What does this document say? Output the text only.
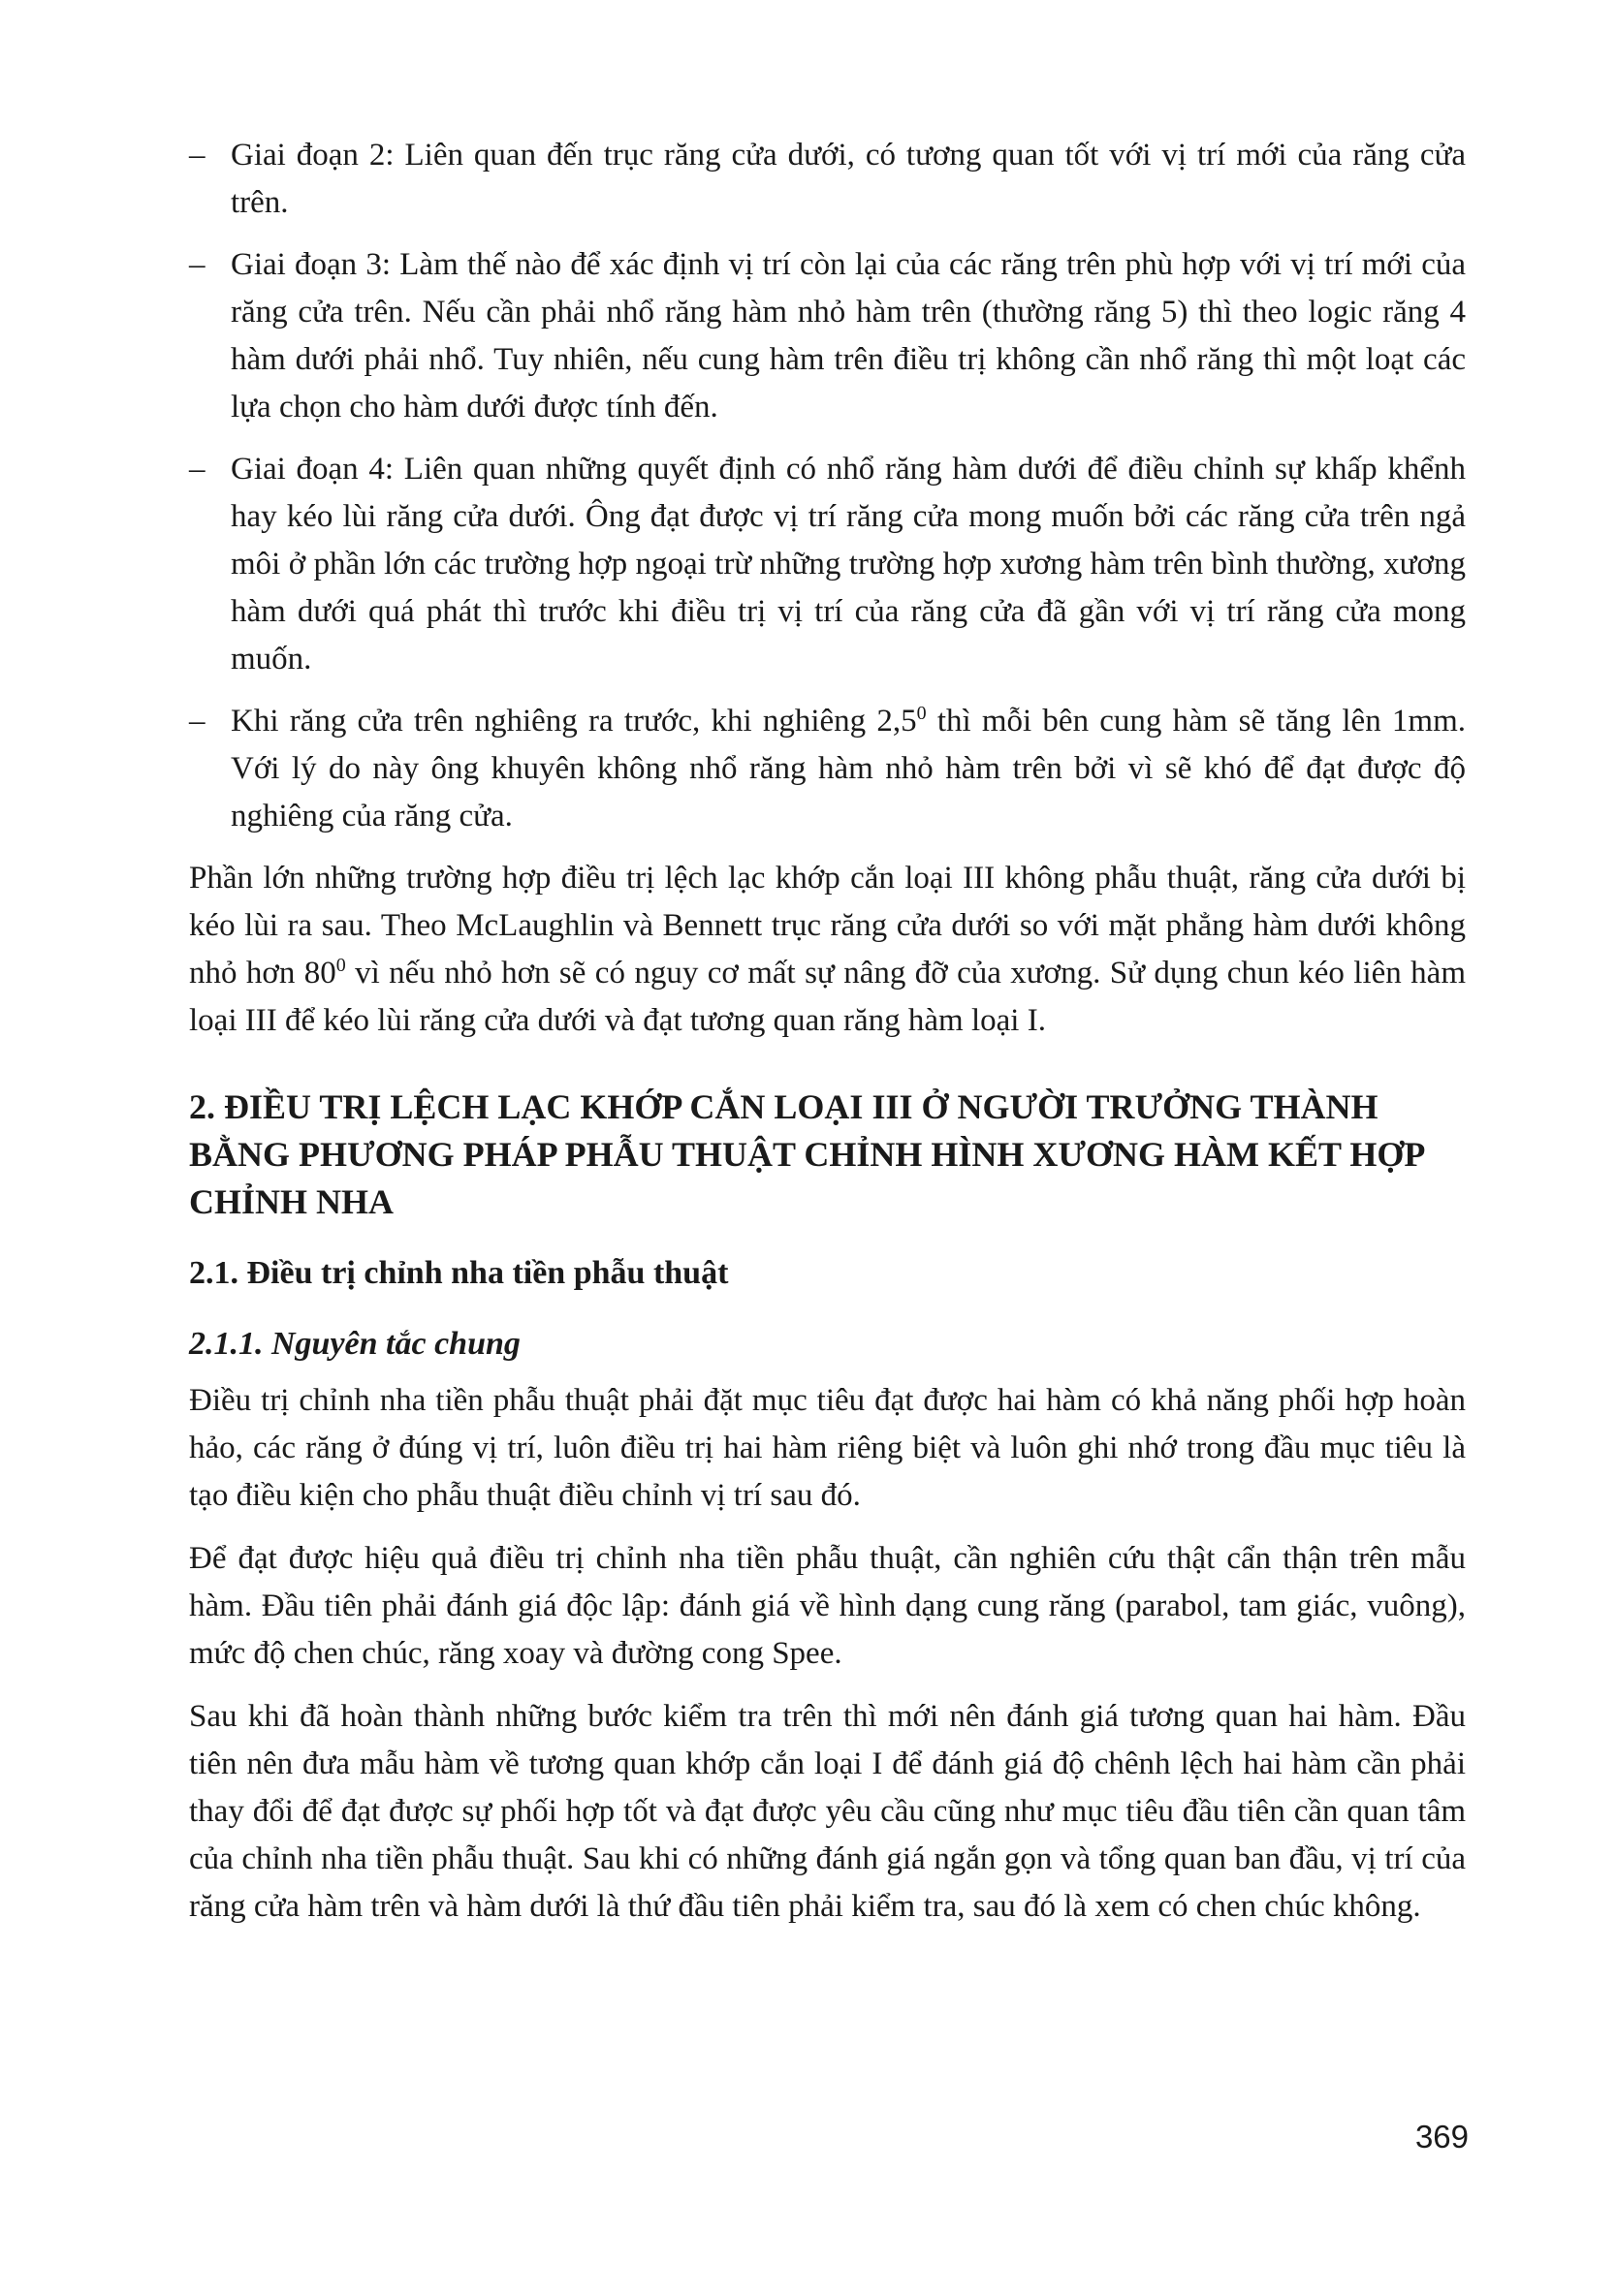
– Giai đoạn 2: Liên quan đến trục răng cửa dưới, có tương quan tốt với vị trí mới của răng cửa trên.
– Giai đoạn 3: Làm thế nào để xác định vị trí còn lại của các răng trên phù hợp với vị trí mới của răng cửa trên. Nếu cần phải nhổ răng hàm nhỏ hàm trên (thường răng 5) thì theo logic răng 4 hàm dưới phải nhổ. Tuy nhiên, nếu cung hàm trên điều trị không cần nhổ răng thì một loạt các lựa chọn cho hàm dưới được tính đến.
– Giai đoạn 4: Liên quan những quyết định có nhổ răng hàm dưới để điều chỉnh sự khấp khểnh hay kéo lùi răng cửa dưới. Ông đạt được vị trí răng cửa mong muốn bởi các răng cửa trên ngả môi ở phần lớn các trường hợp ngoại trừ những trường hợp xương hàm trên bình thường, xương hàm dưới quá phát thì trước khi điều trị vị trí của răng cửa đã gần với vị trí răng cửa mong muốn.
– Khi răng cửa trên nghiêng ra trước, khi nghiêng $2,5^0$ thì mỗi bên cung hàm sẽ tăng lên 1mm. Với lý do này ông khuyên không nhổ răng hàm nhỏ hàm trên bởi vì sẽ khó để đạt được độ nghiêng của răng cửa.

Phần lớn những trường hợp điều trị lệch lạc khớp cắn loại III không phẫu thuật, răng cửa dưới bị kéo lùi ra sau. Theo McLaughlin và Bennett trục răng cửa dưới so với mặt phẳng hàm dưới không nhỏ hơn $80^0$ vì nếu nhỏ hơn sẽ có nguy cơ mất sự nâng đỡ của xương. Sử dụng chun kéo liên hàm loại III để kéo lùi răng cửa dưới và đạt tương quan răng hàm loại I.

2. ĐIỀU TRỊ LỆCH LẠC KHỚP CẮN LOẠI III Ở NGƯỜI TRƯỞNG THÀNH BẰNG PHƯƠNG PHÁP PHẪU THUẬT CHỈNH HÌNH XƯƠNG HÀM KẾT HỢP CHỈNH NHA
2.1. Điều trị chỉnh nha tiền phẫu thuật
2.1.1. Nguyên tắc chung

Điều trị chỉnh nha tiền phẫu thuật phải đặt mục tiêu đạt được hai hàm có khả năng phối hợp hoàn hảo, các răng ở đúng vị trí, luôn điều trị hai hàm riêng biệt và luôn ghi nhớ trong đầu mục tiêu là tạo điều kiện cho phẫu thuật điều chỉnh vị trí sau đó.

Để đạt được hiệu quả điều trị chỉnh nha tiền phẫu thuật, cần nghiên cứu thật cẩn thận trên mẫu hàm. Đầu tiên phải đánh giá độc lập: đánh giá về hình dạng cung răng (parabol, tam giác, vuông), mức độ chen chúc, răng xoay và đường cong Spee.

Sau khi đã hoàn thành những bước kiểm tra trên thì mới nên đánh giá tương quan hai hàm. Đầu tiên nên đưa mẫu hàm về tương quan khớp cắn loại I để đánh giá độ chênh lệch hai hàm cần phải thay đổi để đạt được sự phối hợp tốt và đạt được yêu cầu cũng như mục tiêu đầu tiên cần quan tâm của chỉnh nha tiền phẫu thuật. Sau khi có những đánh giá ngắn gọn và tổng quan ban đầu, vị trí của răng cửa hàm trên và hàm dưới là thứ đầu tiên phải kiểm tra, sau đó là xem có chen chúc không.

369
